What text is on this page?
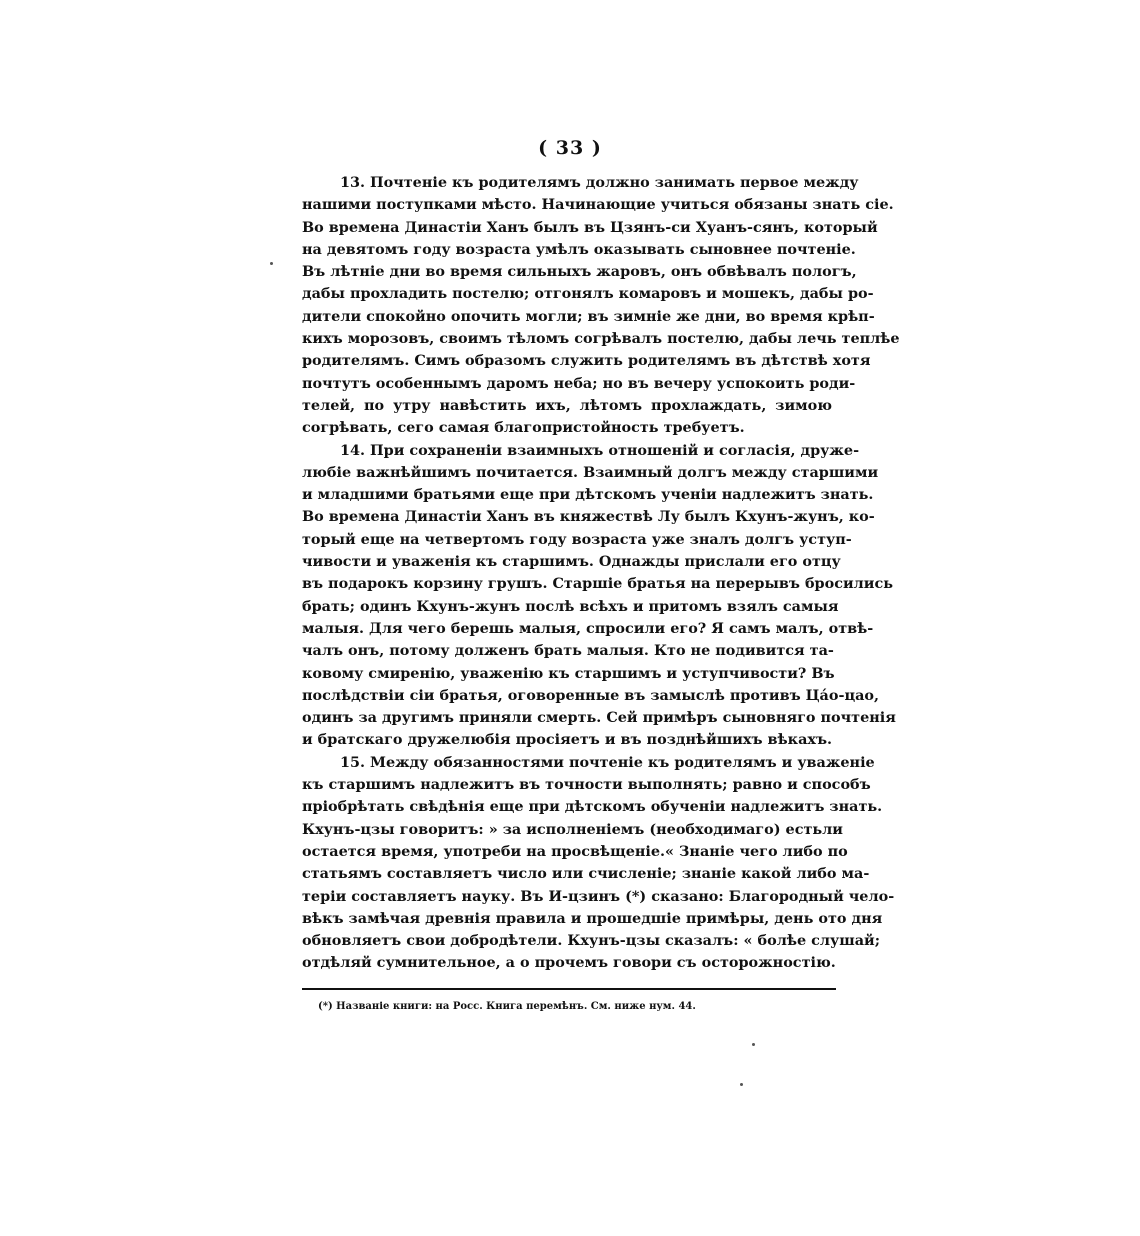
( 33 )
13. Почтеніе къ родителямъ должно занимать первое между
нашими поступками мѣсто. Начинающие учиться обязаны знать сіе.
Во времена Династіи Ханъ былъ въ Цзянъ-си Хуанъ-сянъ, который
на девятомъ году возраста умѣлъ оказывать сыновнее почтеніе.
Въ лѣтніе дни во время сильныхъ жаровъ, онъ обвѣвалъ пологъ,
дабы прохладить постелю; отгонялъ комаровъ и мошекъ, дабы ро-
дители спокойно опочить могли; въ зимніе же дни, во время крѣп-
кихъ морозовъ, своимъ тѣломъ согрѣвалъ постелю, дабы лечь теплѣе
родителямъ. Симъ образомъ служить родителямъ въ дѣтствѣ хотя
почтутъ особеннымъ даромъ неба; но въ вечеру успокоить роди-
телей, по утру навѣстить ихъ, лѣтомъ прохлаждать, зимою
согрѣвать, сего самая благопристойность требуетъ.
14. При сохраненіи взаимныхъ отношеній и согласія, друже-
любіе важнѣйшимъ почитается. Взаимный долгъ между старшими
и младшими братьями еще при дѣтскомъ ученіи надлежитъ знать.
Во времена Династіи Ханъ въ княжествѣ Лу былъ Кхунъ-жунъ, ко-
торый еще на четвертомъ году возраста уже зналъ долгъ уступ-
чивости и уваженія къ старшимъ. Однажды прислали его отцу
въ подарокъ корзину грушъ. Старшіе братья на перерывъ бросились
брать; одинъ Кхунъ-жунъ послѣ всѣхъ и притомъ взялъ самыя
малыя. Для чего берешь малыя, спросили его? Я самъ малъ, отвѣ-
чалъ онъ, потому долженъ брать малыя. Кто не подивится та-
ковому смиренію, уваженію къ старшимъ и уступчивости? Въ
послѣдствіи сіи братья, оговоренные въ замыслѣ противъ Цáо-цао,
одинъ за другимъ приняли смерть. Сей примѣръ сыновняго почтенія
и братскаго дружелюбія просіяетъ и въ позднѣйшихъ вѣкахъ.
15. Между обязанностями почтеніе къ родителямъ и уваженіе
къ старшимъ надлежитъ въ точности выполнять; равно и способъ
пріобрѣтать свѣдѣнія еще при дѣтскомъ обученіи надлежитъ знать.
Кхунъ-цзы говоритъ: » за исполненіемъ (необходимаго) естьли
остается время, употреби на просвѣщеніе.« Знаніе чего либо по
статьямъ составляетъ число или счисленіе; знаніе какой либо ма-
теріи составляетъ науку. Въ И-цзинъ (*) сказано: Благородный чело-
вѣкъ замѣчая древнія правила и прошедшіе примѣры, день ото дня
обновляетъ свои добродѣтели. Кхунъ-цзы сказалъ: « болѣе слушай;
отдѣляй сумнительное, а о прочемъ говори съ осторожностію.
(*) Названіе книги: на Росс. Книга перемѣнъ. См. ниже нум. 44.
